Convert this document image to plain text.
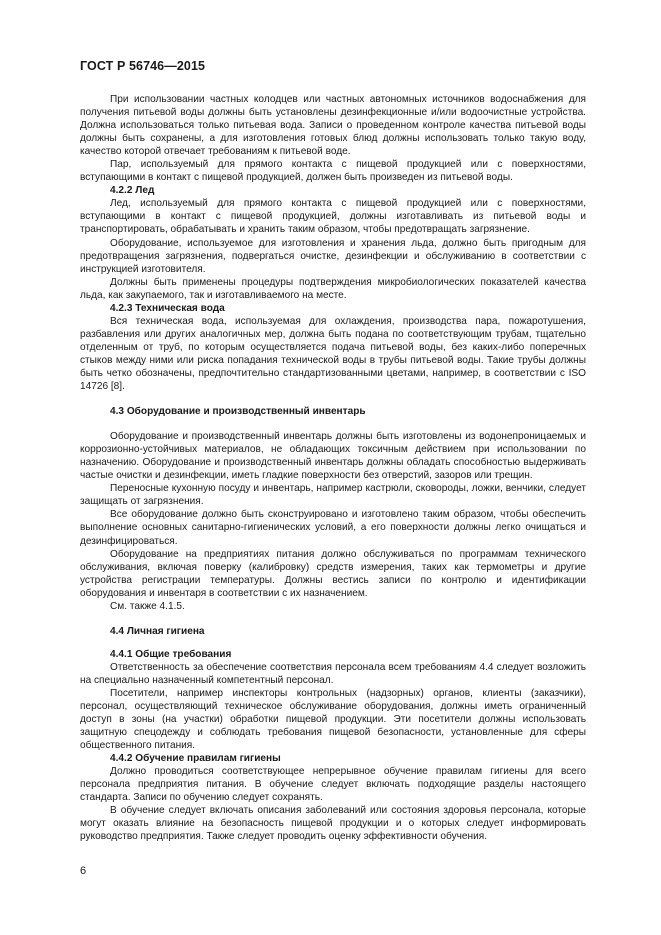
ГОСТ Р 56746—2015

При использовании частных колодцев или частных автономных источников водоснабжения для получения питьевой воды должны быть установлены дезинфекционные и/или водоочистные устройства. Должна использоваться только питьевая вода. Записи о проведенном контроле качества питьевой воды должны быть сохранены, а для изготовления готовых блюд должны использовать только такую воду, качество которой отвечает требованиям к питьевой воде.

Пар, используемый для прямого контакта с пищевой продукцией или с поверхностями, вступающими в контакт с пищевой продукцией, должен быть произведен из питьевой воды.

4.2.2 Лед

Лед, используемый для прямого контакта с пищевой продукцией или с поверхностями, вступающими в контакт с пищевой продукцией, должны изготавливать из питьевой воды и транспортировать, обрабатывать и хранить таким образом, чтобы предотвращать загрязнение.

Оборудование, используемое для изготовления и хранения льда, должно быть пригодным для предотвращения загрязнения, подвергаться очистке, дезинфекции и обслуживанию в соответствии с инструкцией изготовителя.

Должны быть применены процедуры подтверждения микробиологических показателей качества льда, как закупаемого, так и изготавливаемого на месте.

4.2.3 Техническая вода

Вся техническая вода, используемая для охлаждения, производства пара, пожаротушения, разбавления или других аналогичных мер, должна быть подана по соответствующим трубам, тщательно отделенным от труб, по которым осуществляется подача питьевой воды, без каких-либо поперечных стыков между ними или риска попадания технической воды в трубы питьевой воды. Такие трубы должны быть четко обозначены, предпочтительно стандартизованными цветами, например, в соответствии с ISO 14726 [8].

4.3 Оборудование и производственный инвентарь

Оборудование и производственный инвентарь должны быть изготовлены из водонепроницаемых и коррозионно-устойчивых материалов, не обладающих токсичным действием при использовании по назначению. Оборудование и производственный инвентарь должны обладать способностью выдерживать частые очистки и дезинфекции, иметь гладкие поверхности без отверстий, зазоров или трещин.

Переносные кухонную посуду и инвентарь, например кастрюли, сковороды, ложки, венчики, следует защищать от загрязнения.

Все оборудование должно быть сконструировано и изготовлено таким образом, чтобы обеспечить выполнение основных санитарно-гигиенических условий, а его поверхности должны легко очищаться и дезинфицироваться.

Оборудование на предприятиях питания должно обслуживаться по программам технического обслуживания, включая поверку (калибровку) средств измерения, таких как термометры и другие устройства регистрации температуры. Должны вестись записи по контролю и идентификации оборудования и инвентаря в соответствии с их назначением.

См. также 4.1.5.

4.4 Личная гигиена

4.4.1 Общие требования

Ответственность за обеспечение соответствия персонала всем требованиям 4.4 следует возложить на специально назначенный компетентный персонал.

Посетители, например инспекторы контрольных (надзорных) органов, клиенты (заказчики), персонал, осуществляющий техническое обслуживание оборудования, должны иметь ограниченный доступ в зоны (на участки) обработки пищевой продукции. Эти посетители должны использовать защитную спецодежду и соблюдать требования пищевой безопасности, установленные для сферы общественного питания.

4.4.2 Обучение правилам гигиены

Должно проводиться соответствующее непрерывное обучение правилам гигиены для всего персонала предприятия питания. В обучение следует включать подходящие разделы настоящего стандарта. Записи по обучению следует сохранять.

В обучение следует включать описания заболеваний или состояния здоровья персонала, которые могут оказать влияние на безопасность пищевой продукции и о которых следует информировать руководство предприятия. Также следует проводить оценку эффективности обучения.

6
